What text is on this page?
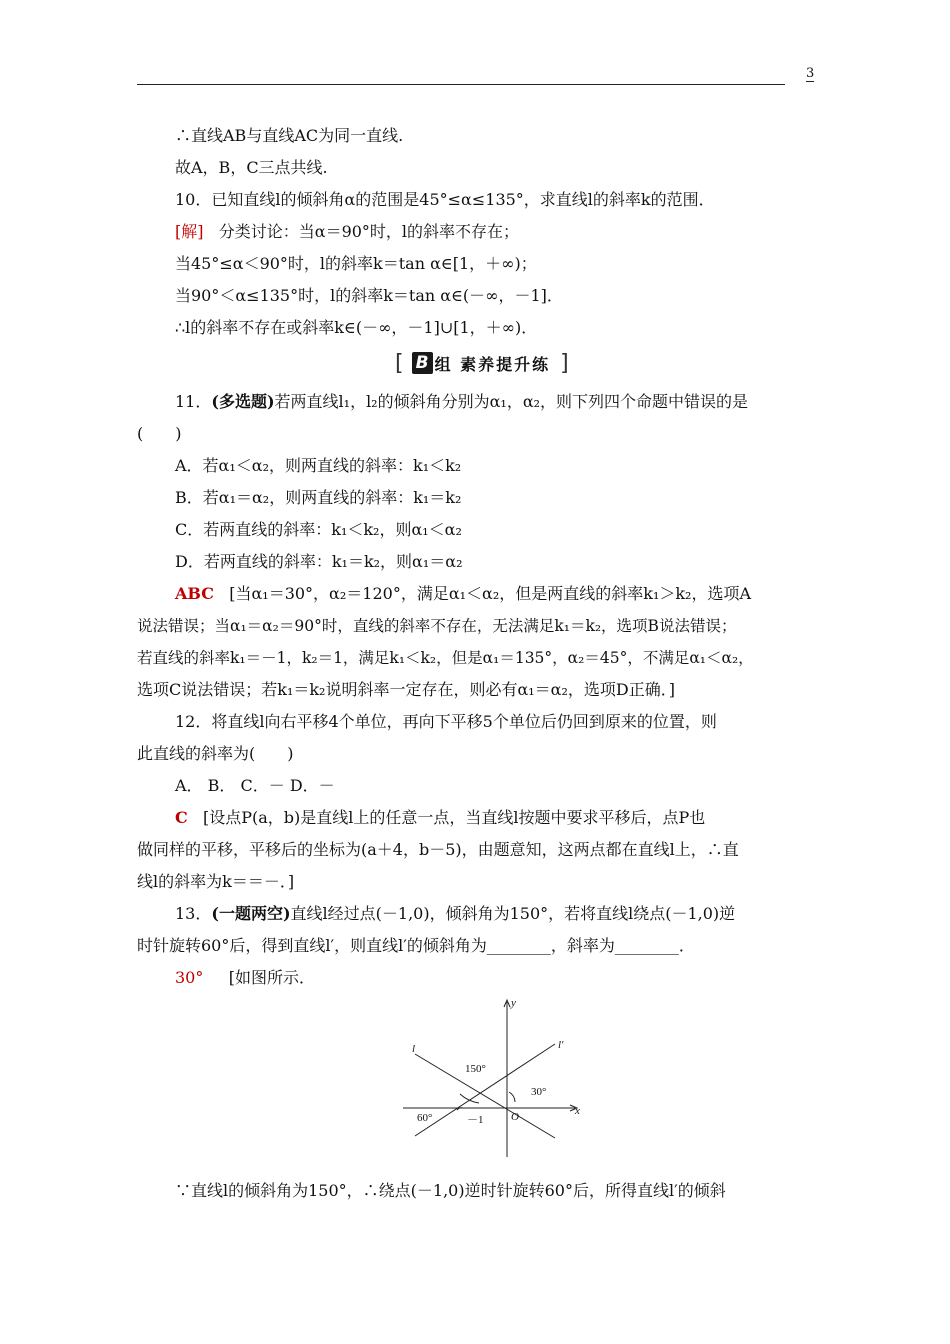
3
∴直线AB与直线AC为同一直线.
故A，B，C三点共线.
10．已知直线l的倾斜角α的范围是45°≤α≤135°，求直线l的斜率k的范围．
[解] 分类讨论：当α＝90°时，l的斜率不存在；
当45°≤α＜90°时，l的斜率k＝tan α∈[1，＋∞)；
当90°＜α≤135°时，l的斜率k＝tan α∈(－∞，－1]．
∴l的斜率不存在或斜率k∈(－∞，－1]∪[1，＋∞)．
[ B 组 素养提升练 ]
11．(多选题)若两直线l₁，l₂的倾斜角分别为α₁，α₂，则下列四个命题中错误的是
(　　)
A．若α₁＜α₂，则两直线的斜率：k₁＜k₂
B．若α₁＝α₂，则两直线的斜率：k₁＝k₂
C．若两直线的斜率：k₁＜k₂，则α₁＜α₂
D．若两直线的斜率：k₁＝k₂，则α₁＝α₂
ABC [当α₁＝30°，α₂＝120°，满足α₁＜α₂，但是两直线的斜率k₁＞k₂，选项A
说法错误；当α₁＝α₂＝90°时，直线的斜率不存在，无法满足k₁＝k₂，选项B说法错误；
若直线的斜率k₁＝－1，k₂＝1，满足k₁＜k₂，但是α₁＝135°，α₂＝45°，不满足α₁＜α₂，
选项C说法错误；若k₁＝k₂说明斜率一定存在，则必有α₁＝α₂，选项D正确．]
12．将直线l向右平移4个单位，再向下平移5个单位后仍回到原来的位置，则
此直线的斜率为(　　)
A． B． C．－ D．－
C [设点P(a，b)是直线l上的任意一点，当直线l按题中要求平移后，点P也
做同样的平移，平移后的坐标为(a＋4，b－5)，由题意知，这两点都在直线l上，∴直
线l的斜率为k＝＝－．]
13．(一题两空)直线l经过点(－1,0)，倾斜角为150°，若将直线l绕点(－1,0)逆
时针旋转60°后，得到直线l′，则直线l′的倾斜角为________，斜率为________．
30° [如图所示．
y
x
l	l′
150°
30°
60°	－1	O
∵直线l的倾斜角为150°，∴绕点(－1,0)逆时针旋转60°后，所得直线l′的倾斜
